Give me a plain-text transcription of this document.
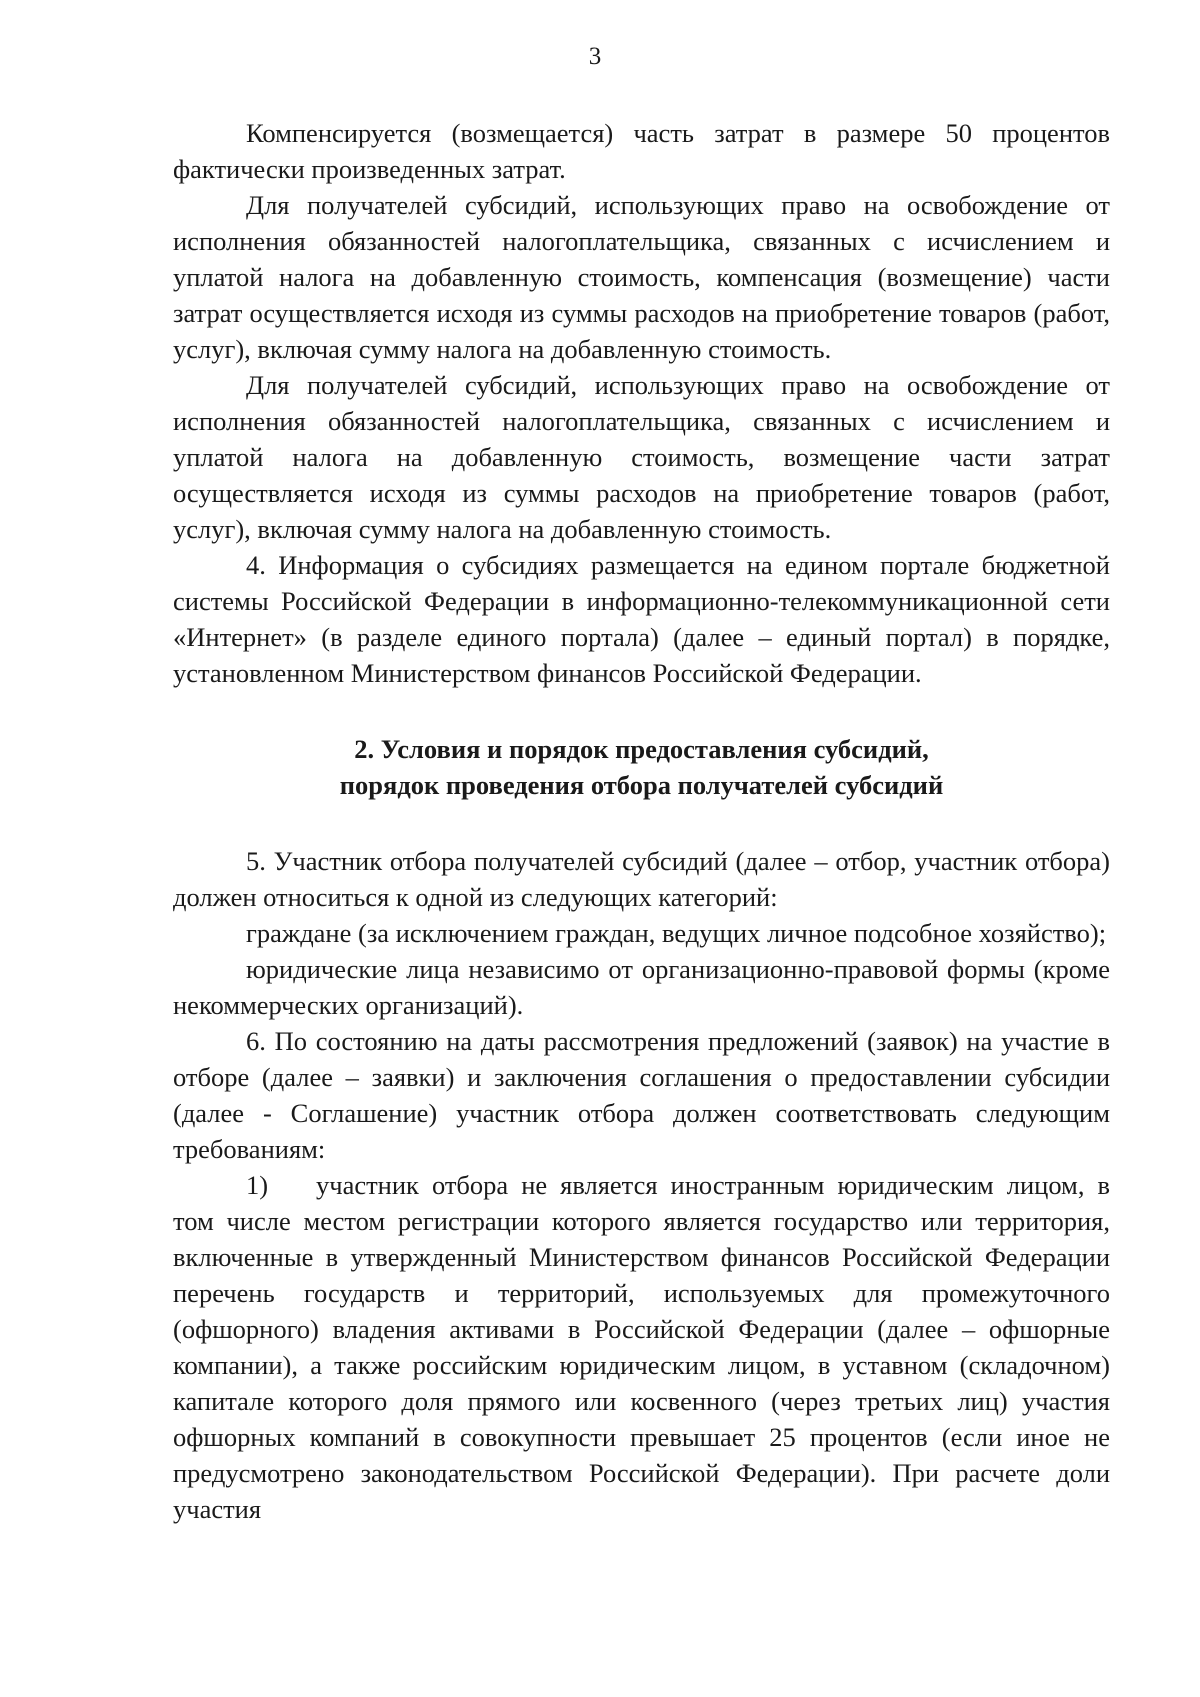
3

Компенсируется (возмещается) часть затрат в размере 50 процентов фактически произведенных затрат.

Для получателей субсидий, использующих право на освобождение от исполнения обязанностей налогоплательщика, связанных с исчислением и уплатой налога на добавленную стоимость, компенсация (возмещение) части затрат осуществляется исходя из суммы расходов на приобретение товаров (работ, услуг), включая сумму налога на добавленную стоимость.

Для получателей субсидий, использующих право на освобождение от исполнения обязанностей налогоплательщика, связанных с исчислением и уплатой налога на добавленную стоимость, возмещение части затрат осуществляется исходя из суммы расходов на приобретение товаров (работ, услуг), включая сумму налога на добавленную стоимость.

4. Информация о субсидиях размещается на едином портале бюджетной системы Российской Федерации в информационно-телекоммуникационной сети «Интернет» (в разделе единого портала) (далее – единый портал) в порядке, установленном Министерством финансов Российской Федерации.

2. Условия и порядок предоставления субсидий,
порядок проведения отбора получателей субсидий

5. Участник отбора получателей субсидий (далее – отбор, участник отбора) должен относиться к одной из следующих категорий:

граждане (за исключением граждан, ведущих личное подсобное хозяйство);

юридические лица независимо от организационно-правовой формы (кроме некоммерческих организаций).

6. По состоянию на даты рассмотрения предложений (заявок) на участие в отборе (далее – заявки) и заключения соглашения о предоставлении субсидии (далее - Соглашение) участник отбора должен соответствовать следующим требованиям:

1) участник отбора не является иностранным юридическим лицом, в том числе местом регистрации которого является государство или территория, включенные в утвержденный Министерством финансов Российской Федерации перечень государств и территорий, используемых для промежуточного (офшорного) владения активами в Российской Федерации (далее – офшорные компании), а также российским юридическим лицом, в уставном (складочном) капитале которого доля прямого или косвенного (через третьих лиц) участия офшорных компаний в совокупности превышает 25 процентов (если иное не предусмотрено законодательством Российской Федерации). При расчете доли участия
